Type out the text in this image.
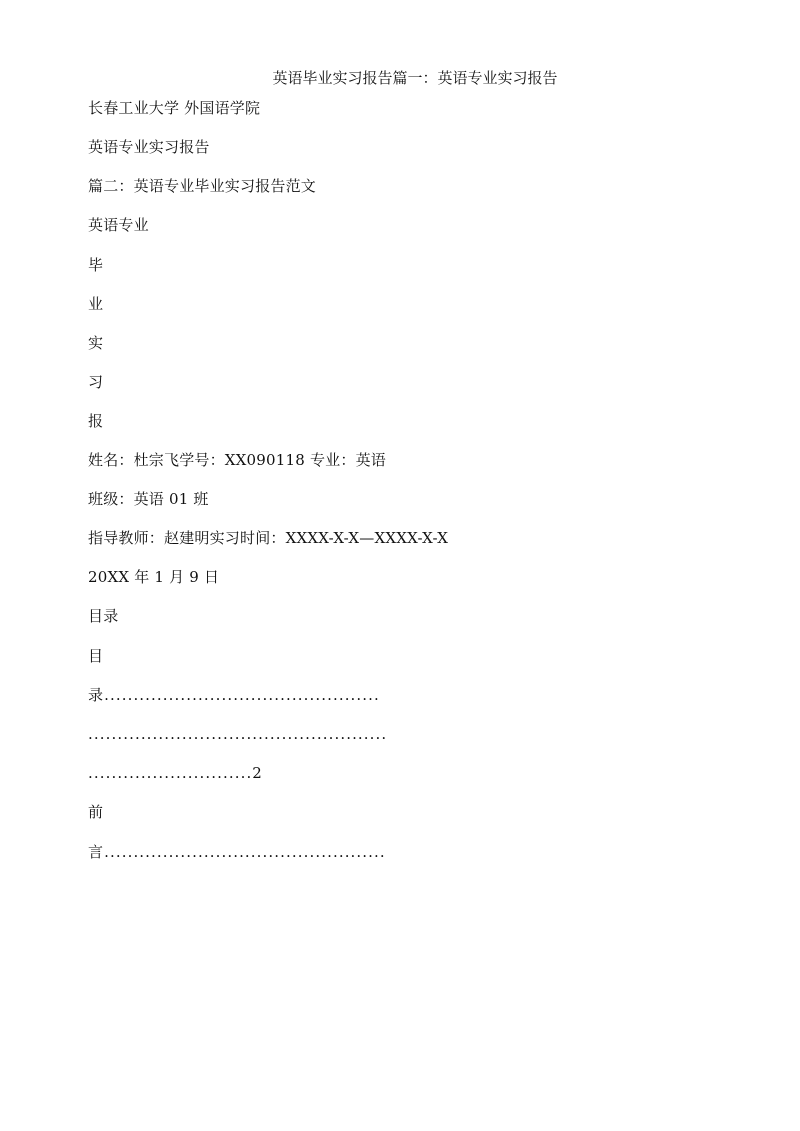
英语毕业实习报告篇一：英语专业实习报告
长春工业大学 外国语学院
英语专业实习报告
篇二：英语专业毕业实习报告范文
英语专业
毕
业
实
习
报
姓名：杜宗飞学号：XX090118 专业：英语
班级：英语 01 班
指导教师：赵建明实习时间：XXXX-X-X—XXXX-X-X
20XX 年 1 月 9 日
目录
目
录...............................................
...................................................
............................2
前
言................................................
